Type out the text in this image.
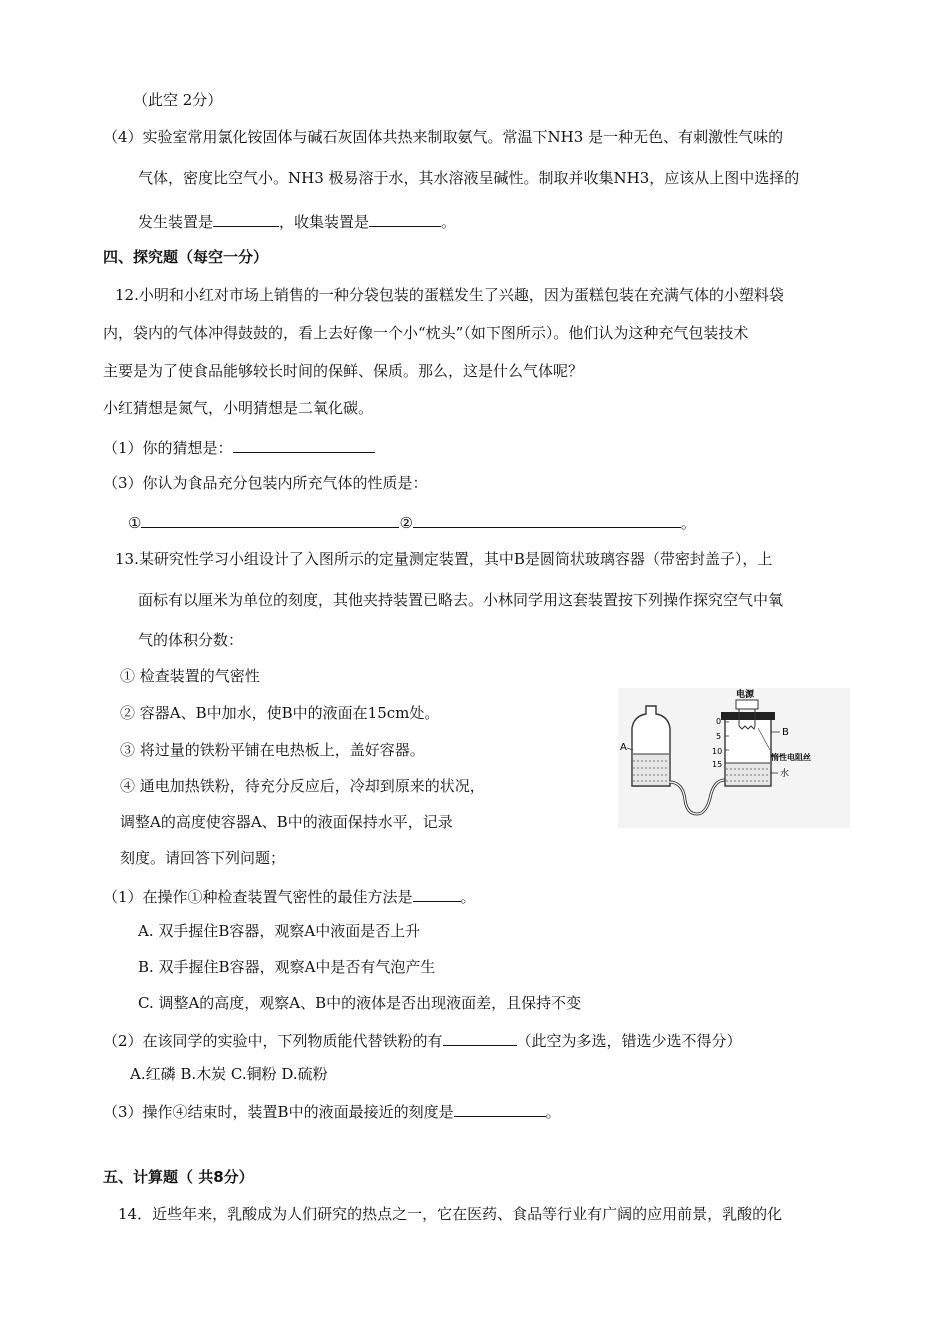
（此空 2分）
（4）实验室常用氯化铵固体与碱石灰固体共热来制取氨气。常温下NH3 是一种无色、有刺激性气味的
气体，密度比空气小。NH3 极易溶于水，其水溶液呈碱性。制取并收集NH3，应该从上图中选择的
发生装置是	，收集装置是	。
四、探究题（每空一分）
12.小明和小红对市场上销售的一种分袋包装的蛋糕发生了兴趣，因为蛋糕包装在充满气体的小塑料袋
内，袋内的气体冲得鼓鼓的，看上去好像一个小“枕头”（如下图所示）。他们认为这种充气包装技术
主要是为了使食品能够较长时间的保鲜、保质。那么，这是什么气体呢？
小红猜想是氮气，小明猜想是二氧化碳。
（1）你的猜想是：
（3）你认为食品充分包装内所充气体的性质是：
①	②	。
13.某研究性学习小组设计了入图所示的定量测定装置，其中B是圆筒状玻璃容器（带密封盖子），上
面标有以厘米为单位的刻度，其他夹持装置已略去。小林同学用这套装置按下列操作探究空气中氧
气的体积分数：
① 检查装置的气密性
② 容器A、B中加水，使B中的液面在15cm处。
③ 将过量的铁粉平铺在电热板上，盖好容器。
④ 通电加热铁粉，待充分反应后，冷却到原来的状况，
调整A的高度使容器A、B中的液面保持水平，记录
刻度。请回答下列问题；
A
电源
0
5
10
15
B
惰性电阻丝
水
（1）在操作①种检查装置气密性的最佳方法是	。
A. 双手握住B容器，观察A中液面是否上升
B. 双手握住B容器，观察A中是否有气泡产生
C. 调整A的高度，观察A、B中的液体是否出现液面差，且保持不变
（2）在该同学的实验中，下列物质能代替铁粉的有	（此空为多选，错选少选不得分）
A.红磷 B.木炭 C.铜粉 D.硫粉
（3）操作④结束时，装置B中的液面最接近的刻度是	。
五、计算题（ 共8分）
14．近些年来，乳酸成为人们研究的热点之一，它在医药、食品等行业有广阔的应用前景，乳酸的化
